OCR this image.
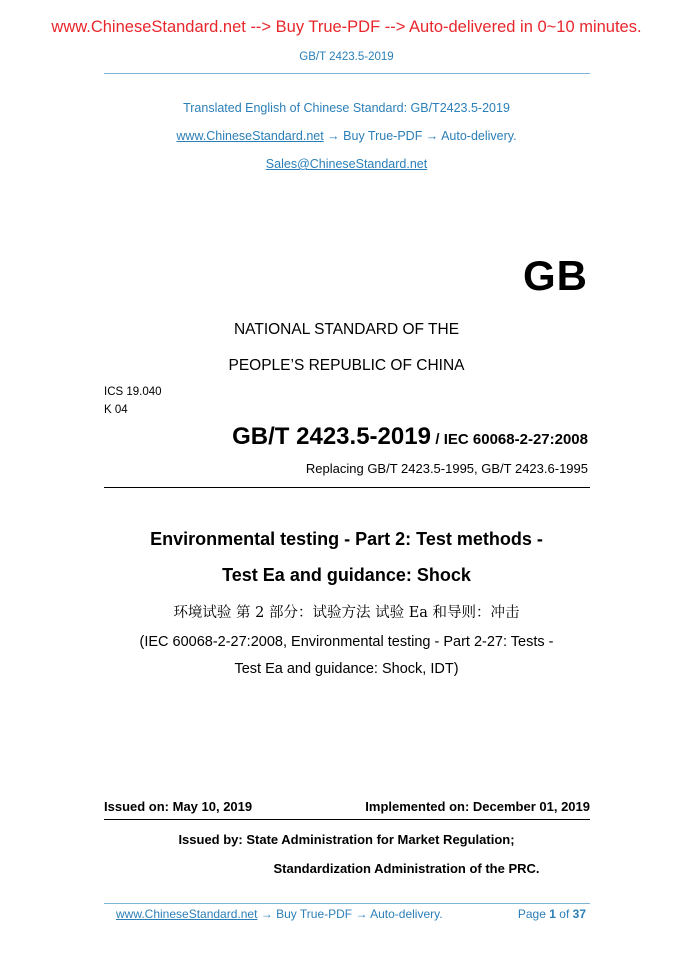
www.ChineseStandard.net --> Buy True-PDF --> Auto-delivered in 0~10 minutes.
GB/T 2423.5-2019
Translated English of Chinese Standard: GB/T2423.5-2019
www.ChineseStandard.net → Buy True-PDF → Auto-delivery.
Sales@ChineseStandard.net
GB
NATIONAL STANDARD OF THE
PEOPLE’S REPUBLIC OF CHINA
ICS 19.040
K 04
GB/T 2423.5-2019 / IEC 60068-2-27:2008
Replacing GB/T 2423.5-1995, GB/T 2423.6-1995
Environmental testing - Part 2: Test methods -
Test Ea and guidance: Shock
环境试验 第 2 部分：试验方法 试验 Ea 和导则：冲击
(IEC 60068-2-27:2008, Environmental testing - Part 2-27: Tests -
Test Ea and guidance: Shock, IDT)
Issued on: May 10, 2019	Implemented on: December 01, 2019
Issued by: State Administration for Market Regulation;
Standardization Administration of the PRC.
www.ChineseStandard.net → Buy True-PDF → Auto-delivery.	Page 1 of 37
